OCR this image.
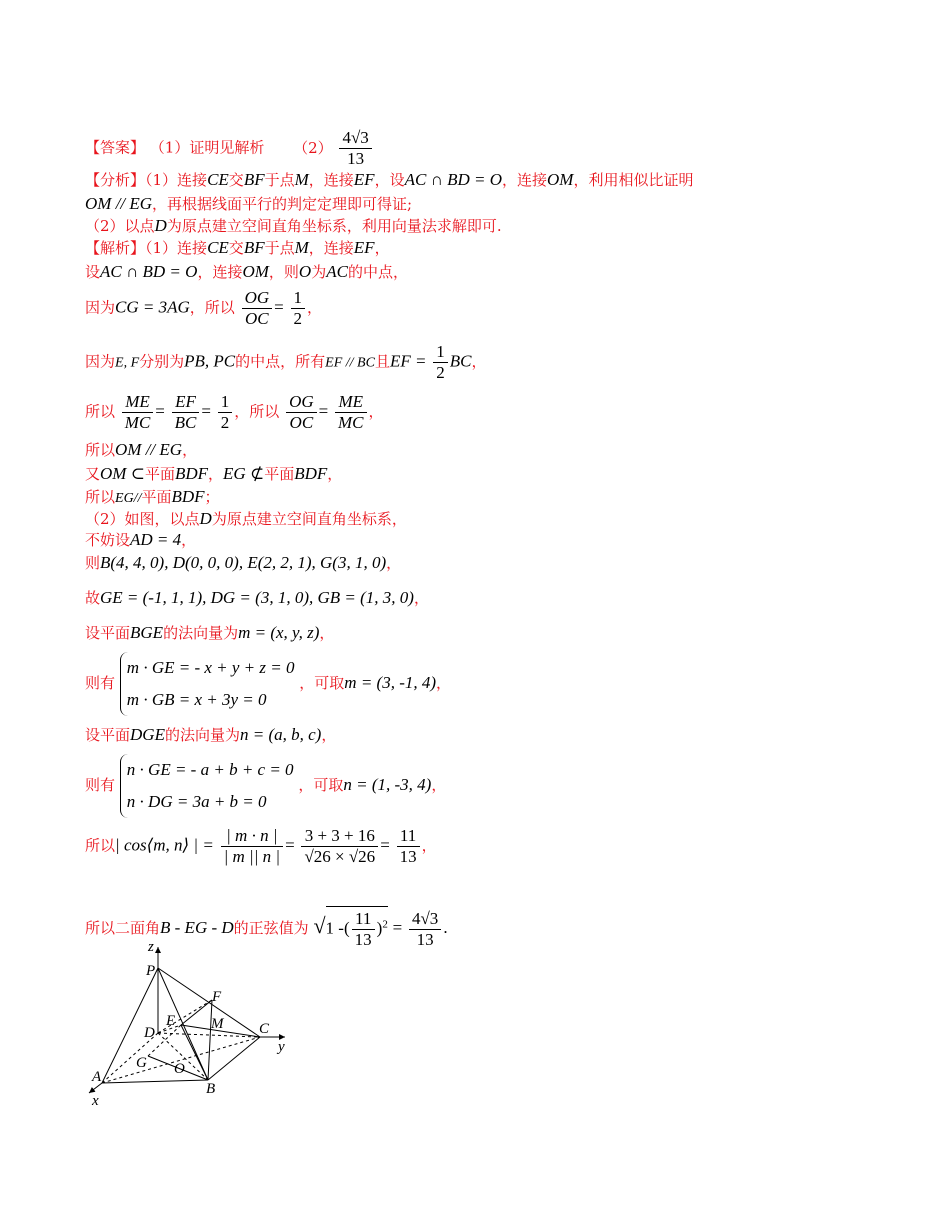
【答案】 （1）证明见解析 $(2) \frac{4√3}{13}$
【分析】（1）连接CE交BF于点M，连接EF，设AC ∩ BD = O，连接OM，利用相似比证明
OM // EG，再根据线面平行的判定定理即可得证;
（2）以点D为原点建立空间直角坐标系，利用向量法求解即可.
【解析】（1）连接CE交BF于点M，连接EF，
设AC ∩ BD = O，连接OM，则O为AC的中点，
因为CG = 3AG，所以 $\frac{OG}{OC} = \frac{1}{2}$ ，
因为E, F分别为PB, PC的中点，所有EF // BC且EF = $\frac{1}{2}$ BC，
所以 $\frac{ME}{MC} = \frac{EF}{BC} = \frac{1}{2}$ ，所以 $\frac{OG}{OC} = \frac{ME}{MC}$ ，
所以OM // EG，
又OM ⊂平面BDF，EG ⊄平面BDF，
所以EG//平面BDF；
（2）如图，以点D为原点建立空间直角坐标系，
不妨设AD = 4，
则B(4, 4, 0), D(0, 0, 0), E(2, 2, 1), G(3, 1, 0)，
故GE = (-1, 1, 1), DG = (3, 1, 0), GB = (1, 3, 0)，
设平面BGE的法向量为m = (x, y, z)，
则有
m · GE = - x + y + z = 0
m · GB = x + 3y = 0
，可取m = (3, -1, 4)，
设平面DGE的法向量为n = (a, b, c)，
则有
n · GE = - a + b + c = 0
n · DG = 3a + b = 0
，可取n = (1, -3, 4)，
所以| cos⟨m, n⟩ | = $\frac{| m \cdot n |}{| m || n |} = \frac{3 + 3 + 16}{√26 \times √26} = \frac{11}{13}$ ，
所以二面角B - EG - D的正弦值为 √1 -( $\frac{11}{13} )^2 = \frac{4√3}{13}$ .
z
P
F
E M
D	C
y
G O
A
B
x
